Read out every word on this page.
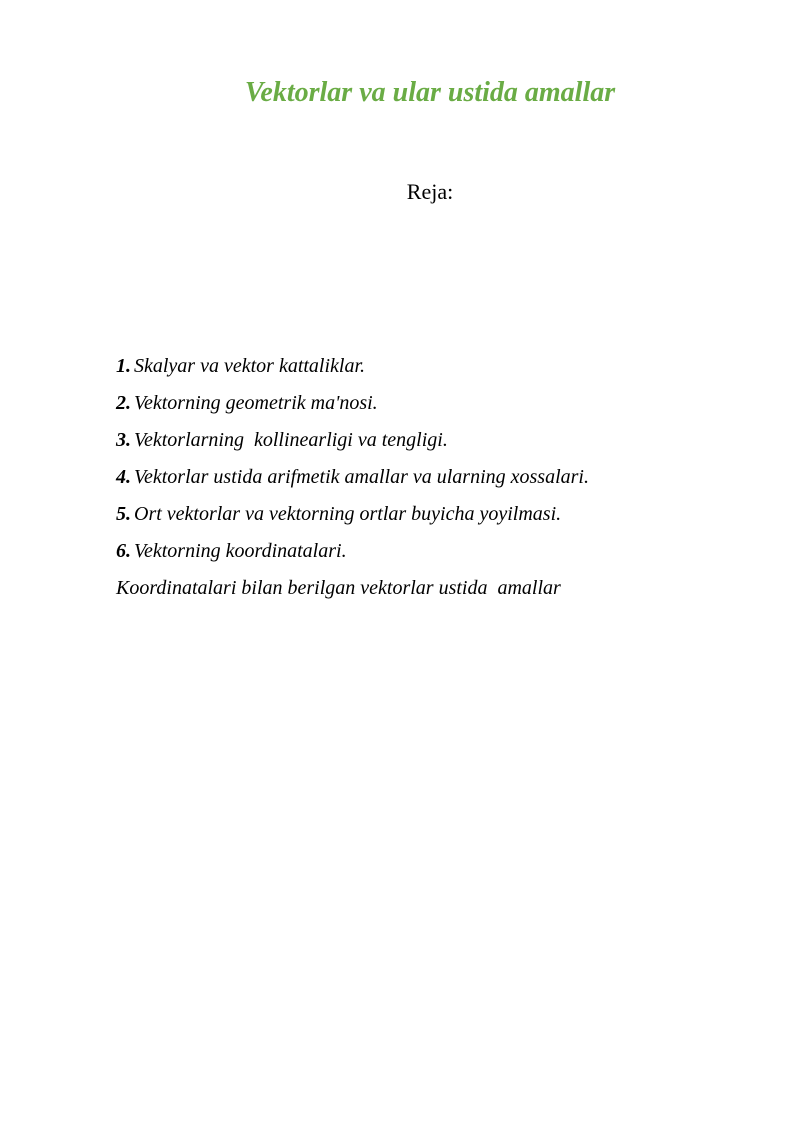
Vektorlar va ular ustida amallar
Reja:
1. Skalyar va vektor kattaliklar.
2. Vektorning geometrik ma'nosi.
3. Vektorlarning  kollinearligi va tengligi.
4. Vektorlar ustida arifmetik amallar va ularning xossalari.
5. Ort vektorlar va vektorning ortlar buyicha yoyilmasi.
6. Vektorning koordinatalari.
Koordinatalari bilan berilgan vektorlar ustida  amallar
